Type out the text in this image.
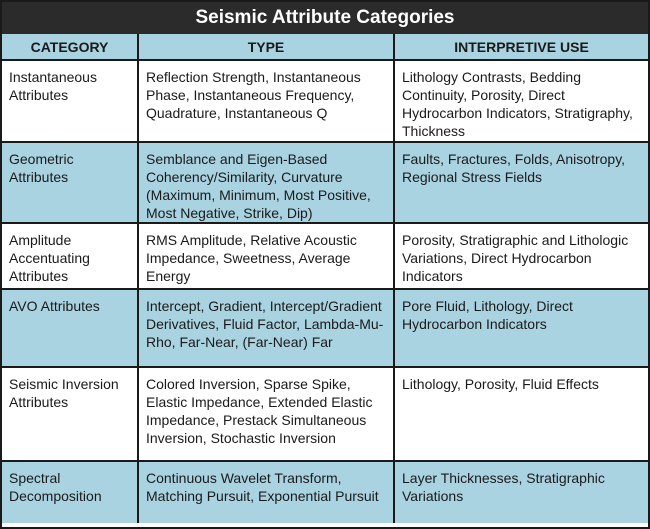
Seismic Attribute Categories
CATEGORY	TYPE	INTERPRETIVE USE
Instantaneous Attributes	Reflection Strength, Instantaneous Phase, Instantaneous Frequency, Quadrature, Instantaneous Q	Lithology Contrasts, Bedding Continuity, Porosity, Direct Hydrocarbon Indicators, Stratigraphy, Thickness
Geometric Attributes	Semblance and Eigen-Based Coherency/Similarity, Curvature (Maximum, Minimum, Most Positive, Most Negative, Strike, Dip)	Faults, Fractures, Folds, Anisotropy, Regional Stress Fields
Amplitude Accentuating Attributes	RMS Amplitude, Relative Acoustic Impedance, Sweetness, Average Energy	Porosity, Stratigraphic and Lithologic Variations, Direct Hydrocarbon Indicators
AVO Attributes	Intercept, Gradient, Intercept/Gradient Derivatives, Fluid Factor, Lambda-Mu-Rho, Far-Near, (Far-Near) Far	Pore Fluid, Lithology, Direct Hydrocarbon Indicators
Seismic Inversion Attributes	Colored Inversion, Sparse Spike, Elastic Impedance, Extended Elastic Impedance, Prestack Simultaneous Inversion, Stochastic Inversion	Lithology, Porosity, Fluid Effects
Spectral Decomposition	Continuous Wavelet Transform, Matching Pursuit, Exponential Pursuit	Layer Thicknesses, Stratigraphic Variations
